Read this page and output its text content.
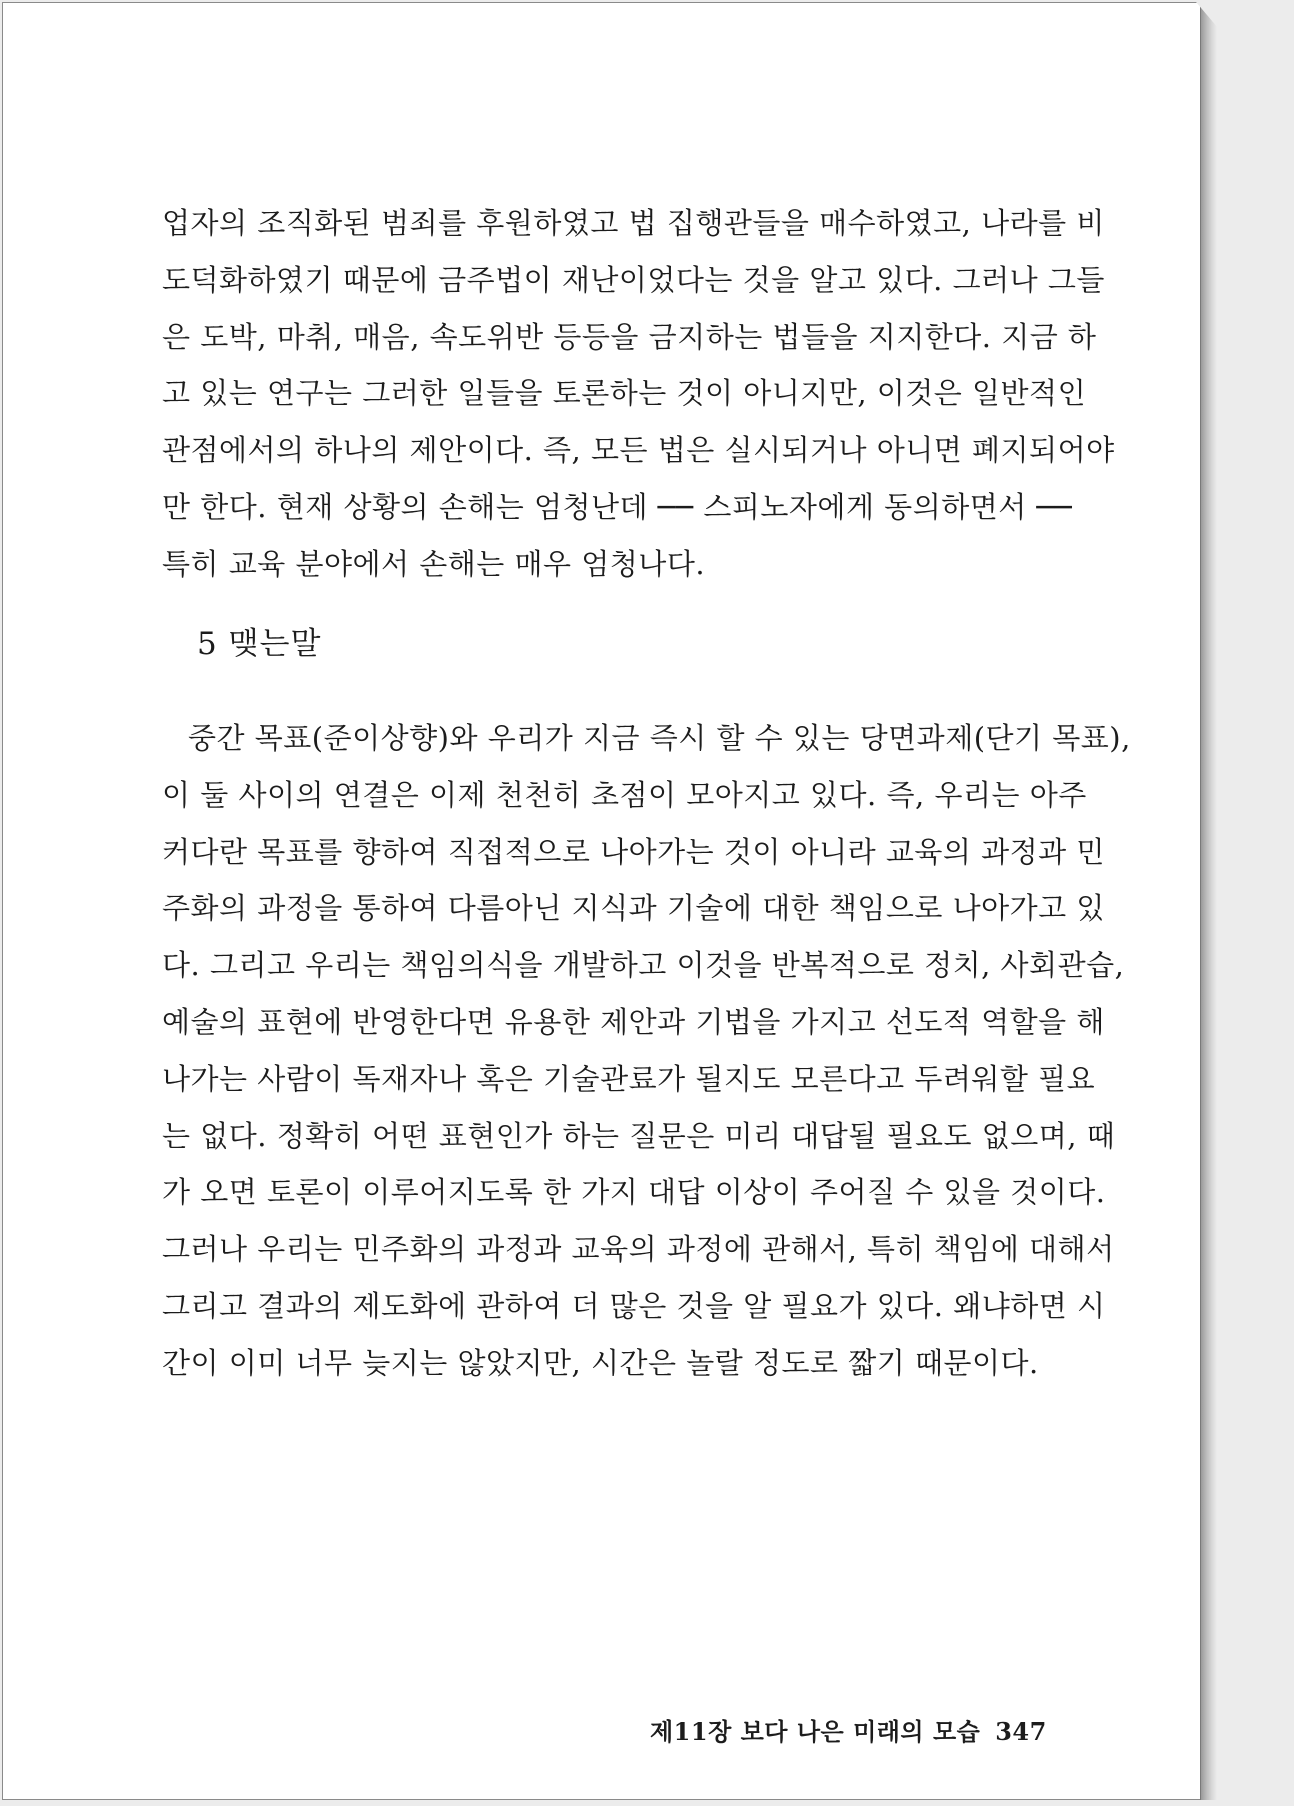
업자의 조직화된 범죄를 후원하였고 법 집행관들을 매수하였고, 나라를 비
도덕화하였기 때문에 금주법이 재난이었다는 것을 알고 있다. 그러나 그들
은 도박, 마취, 매음, 속도위반 등등을 금지하는 법들을 지지한다. 지금 하
고 있는 연구는 그러한 일들을 토론하는 것이 아니지만, 이것은 일반적인
관점에서의 하나의 제안이다. 즉, 모든 법은 실시되거나 아니면 폐지되어야
만 한다. 현재 상황의 손해는 엄청난데 ── 스피노자에게 동의하면서 ──
특히 교육 분야에서 손해는 매우 엄청나다.
5 맺는말
중간 목표(준이상향)와 우리가 지금 즉시 할 수 있는 당면과제(단기 목표),
이 둘 사이의 연결은 이제 천천히 초점이 모아지고 있다. 즉, 우리는 아주
커다란 목표를 향하여 직접적으로 나아가는 것이 아니라 교육의 과정과 민
주화의 과정을 통하여 다름아닌 지식과 기술에 대한 책임으로 나아가고 있
다. 그리고 우리는 책임의식을 개발하고 이것을 반복적으로 정치, 사회관습,
예술의 표현에 반영한다면 유용한 제안과 기법을 가지고 선도적 역할을 해
나가는 사람이 독재자나 혹은 기술관료가 될지도 모른다고 두려워할 필요
는 없다. 정확히 어떤 표현인가 하는 질문은 미리 대답될 필요도 없으며, 때
가 오면 토론이 이루어지도록 한 가지 대답 이상이 주어질 수 있을 것이다.
그러나 우리는 민주화의 과정과 교육의 과정에 관해서, 특히 책임에 대해서
그리고 결과의 제도화에 관하여 더 많은 것을 알 필요가 있다. 왜냐하면 시
간이 이미 너무 늦지는 않았지만, 시간은 놀랄 정도로 짧기 때문이다.
제11장 보다 나은 미래의 모습 347
